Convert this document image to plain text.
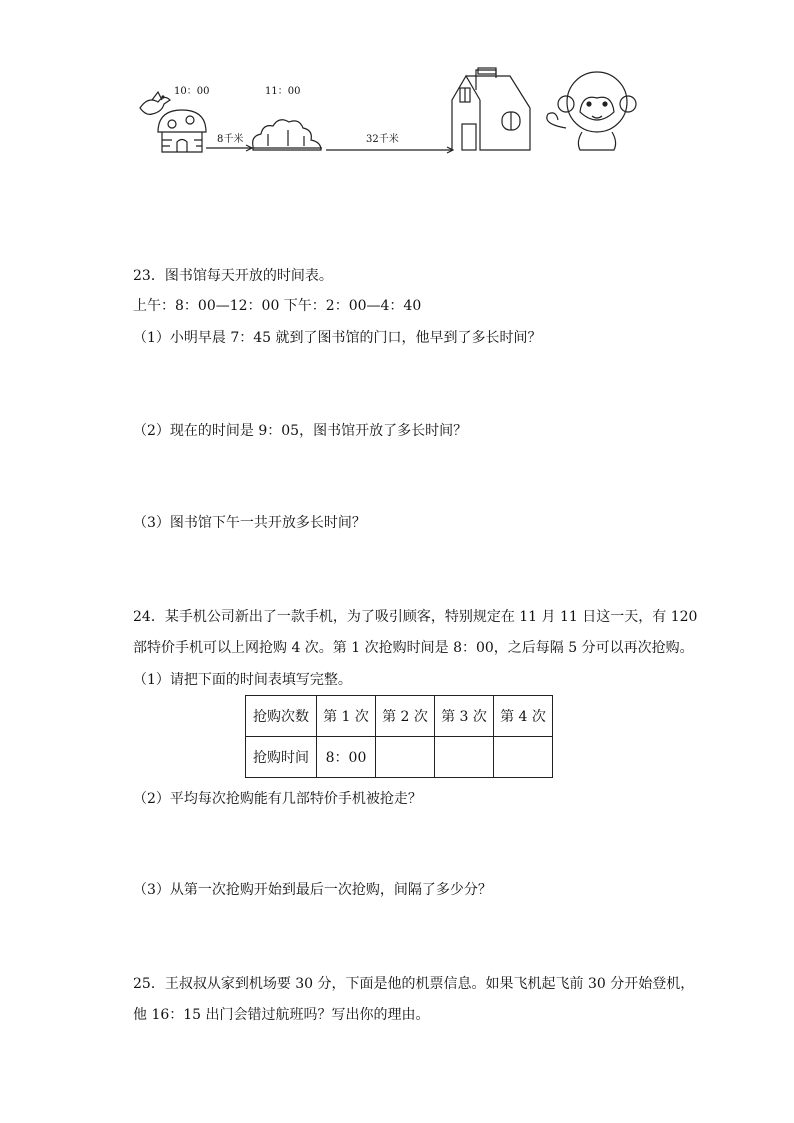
10：00	11：00
8千米	32千米
23．图书馆每天开放的时间表。
上午：8：00—12：00 下午：2：00—4：40
（1）小明早晨 7：45 就到了图书馆的门口，他早到了多长时间？
（2）现在的时间是 9：05，图书馆开放了多长时间？
（3）图书馆下午一共开放多长时间？
24．某手机公司新出了一款手机，为了吸引顾客，特别规定在 11 月 11 日这一天，有 120
部特价手机可以上网抢购 4 次。第 1 次抢购时间是 8：00，之后每隔 5 分可以再次抢购。
（1）请把下面的时间表填写完整。
抢购次数	第 1 次	第 2 次	第 3 次	第 4 次
抢购时间	8：00			
（2）平均每次抢购能有几部特价手机被抢走？
（3）从第一次抢购开始到最后一次抢购，间隔了多少分？
25．王叔叔从家到机场要 30 分，下面是他的机票信息。如果飞机起飞前 30 分开始登机，
他 16：15 出门会错过航班吗？写出你的理由。
